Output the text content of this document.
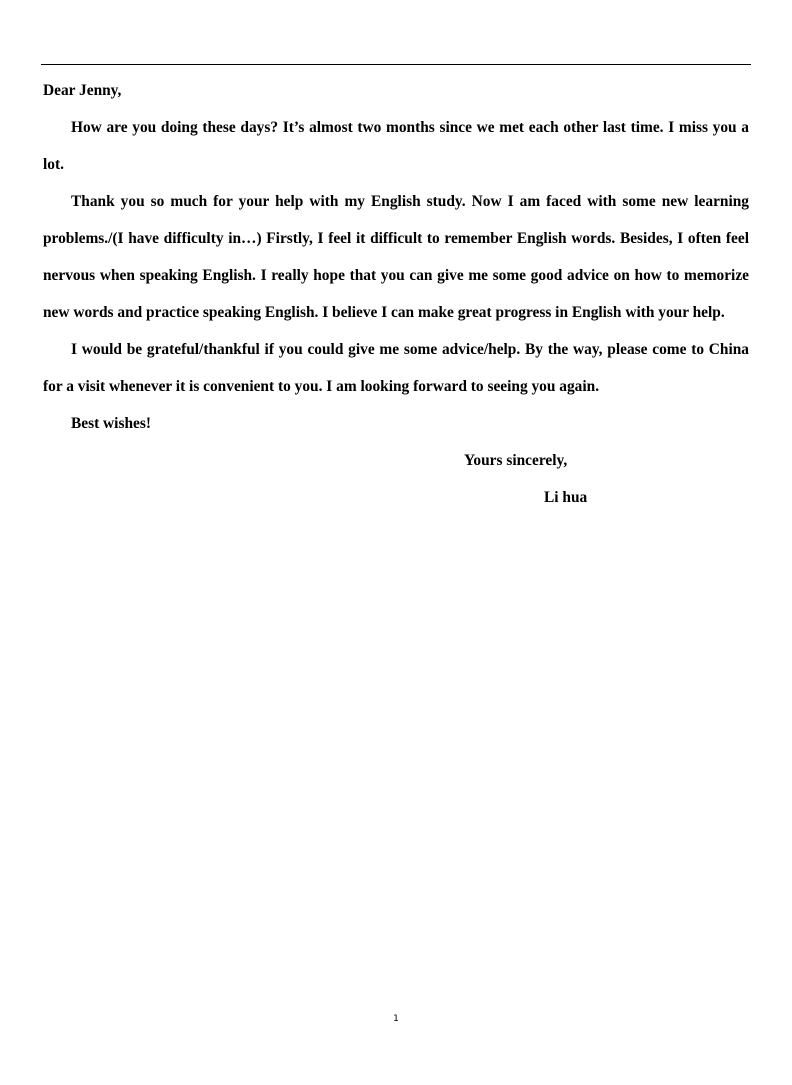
Dear Jenny,

How are you doing these days? It’s almost two months since we met each other last time. I miss you a lot.

Thank you so much for your help with my English study. Now I am faced with some new learning problems./(I have difficulty in…) Firstly, I feel it difficult to remember English words. Besides, I often feel nervous when speaking English. I really hope that you can give me some good advice on how to memorize new words and practice speaking English. I believe I can make great progress in English with your help.

I would be grateful/thankful if you could give me some advice/help. By the way, please come to China for a visit whenever it is convenient to you. I am looking forward to seeing you again.

Best wishes!

Yours sincerely,

Li hua

1
